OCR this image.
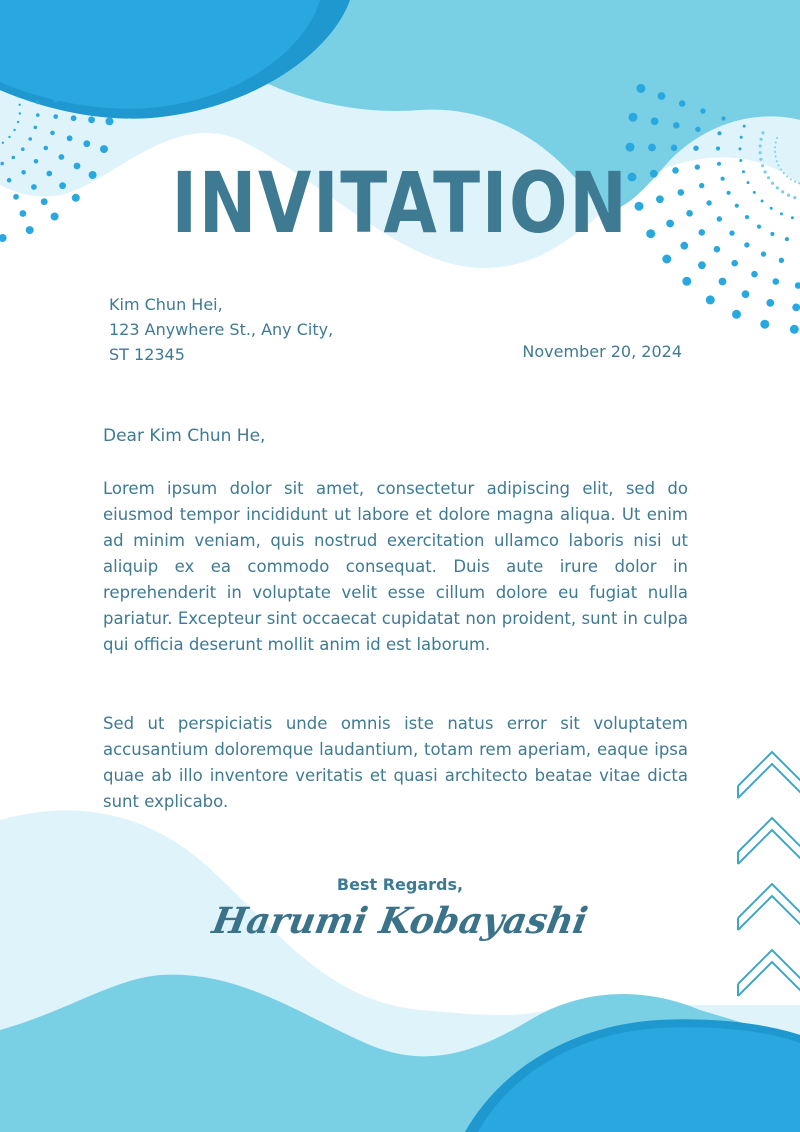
INVITATION
Kim Chun Hei,
123 Anywhere St., Any City,
ST 12345	November 20, 2024
Dear Kim Chun He,

Lorem ipsum dolor sit amet, consectetur adipiscing elit, sed do eiusmod tempor incididunt ut labore et dolore magna aliqua. Ut enim ad minim veniam, quis nostrud exercitation ullamco laboris nisi ut aliquip ex ea commodo consequat. Duis aute irure dolor in reprehenderit in voluptate velit esse cillum dolore eu fugiat nulla pariatur. Excepteur sint occaecat cupidatat non proident, sunt in culpa qui officia deserunt mollit anim id est laborum.

Sed ut perspiciatis unde omnis iste natus error sit voluptatem accusantium doloremque laudantium, totam rem aperiam, eaque ipsa quae ab illo inventore veritatis et quasi architecto beatae vitae dicta sunt explicabo.

Best Regards,
Harumi Kobayashi
